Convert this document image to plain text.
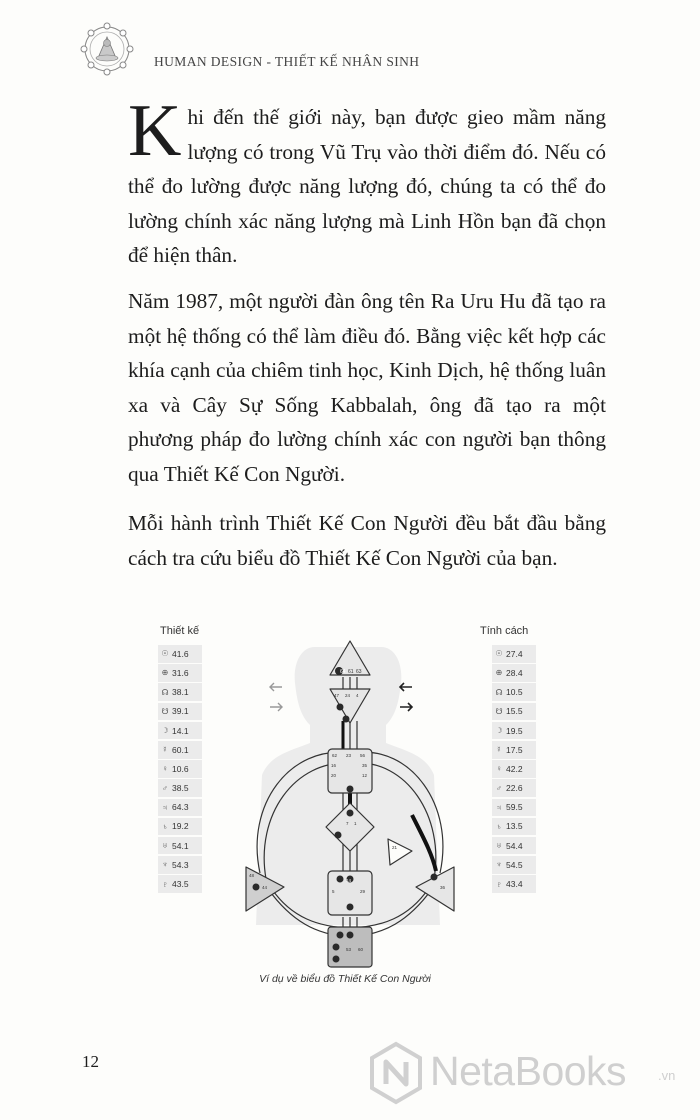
HUMAN DESIGN - THIẾT KẾ NHÂN SINH
Khi đến thế giới này, bạn được gieo mầm năng lượng có trong Vũ Trụ vào thời điểm đó. Nếu có thể đo lường được năng lượng đó, chúng ta có thể đo lường chính xác năng lượng mà Linh Hồn bạn đã chọn để hiện thân.
Năm 1987, một người đàn ông tên Ra Uru Hu đã tạo ra một hệ thống có thể làm điều đó. Bằng việc kết hợp các khía cạnh của chiêm tinh học, Kinh Dịch, hệ thống luân xa và Cây Sự Sống Kabbalah, ông đã tạo ra một phương pháp đo lường chính xác con người bạn thông qua Thiết Kế Con Người.
Mỗi hành trình Thiết Kế Con Người đều bắt đầu bằng cách tra cứu biểu đồ Thiết Kế Con Người của bạn.
Thiết kế	Tính cách
☉ 41.6
⊕ 31.6
☊ 38.1
☋ 39.1
☽ 14.1
☿ 60.1
♀ 10.6
♂ 38.5
♃ 64.3
♄ 19.2
♅ 54.1
♆ 54.3
♇ 43.5
☉ 27.4
⊕ 28.4
☊ 10.5
☋ 15.5
☽ 19.5
☿ 17.5
♀ 42.2
♂ 22.6
♃ 59.5
♄ 13.5
♅ 54.4
♆ 54.5
♇ 43.4
64 61 63
47 24 4
62 23 56
16	35
20	12
7 1
21
5
14
29
48
44	36
53 60
Ví dụ về biểu đồ Thiết Kế Con Người
12	NetaBooks .vn
